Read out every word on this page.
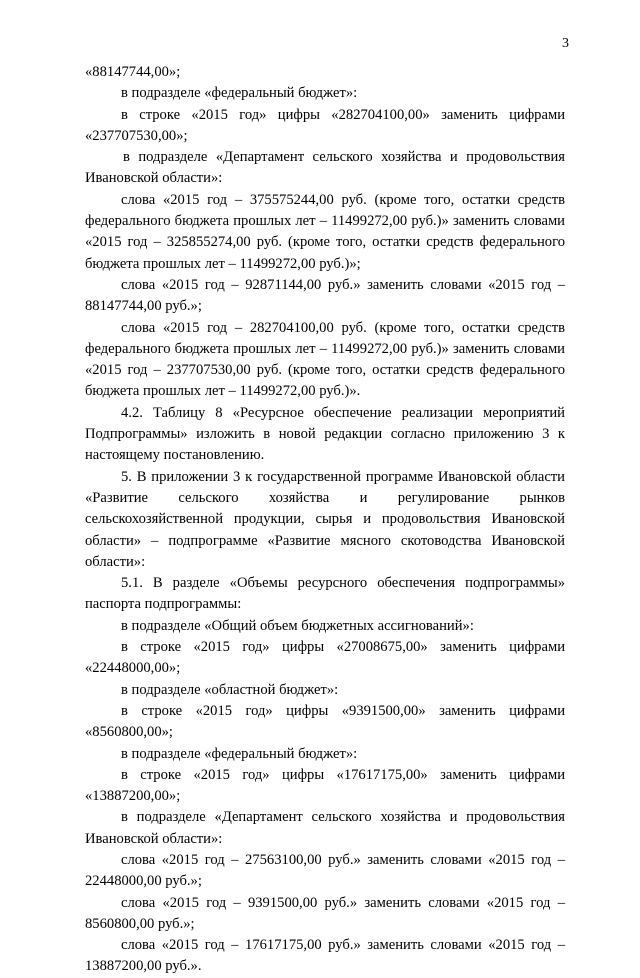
3

«88147744,00»;

в подразделе «федеральный бюджет»:

в строке «2015 год» цифры «282704100,00» заменить цифрами «237707530,00»;

в подразделе «Департамент сельского хозяйства и продовольствия Ивановской области»:

слова «2015 год – 375575244,00 руб. (кроме того, остатки средств федерального бюджета прошлых лет – 11499272,00 руб.)» заменить словами «2015 год – 325855274,00 руб. (кроме того, остатки средств федерального бюджета прошлых лет – 11499272,00 руб.)»;

слова «2015 год – 92871144,00 руб.» заменить словами «2015 год – 88147744,00 руб.»;

слова «2015 год – 282704100,00 руб. (кроме того, остатки средств федерального бюджета прошлых лет – 11499272,00 руб.)» заменить словами «2015 год – 237707530,00 руб. (кроме того, остатки средств федерального бюджета прошлых лет – 11499272,00 руб.)».

4.2. Таблицу 8 «Ресурсное обеспечение реализации мероприятий Подпрограммы» изложить в новой редакции согласно приложению 3 к настоящему постановлению.

5. В приложении 3 к государственной программе Ивановской области «Развитие сельского хозяйства и регулирование рынков сельскохозяйственной продукции, сырья и продовольствия Ивановской области» – подпрограмме «Развитие мясного скотоводства Ивановской области»:

5.1. В разделе «Объемы ресурсного обеспечения подпрограммы» паспорта подпрограммы:

в подразделе «Общий объем бюджетных ассигнований»:

в строке «2015 год» цифры «27008675,00» заменить цифрами «22448000,00»;

в подразделе «областной бюджет»:

в строке «2015 год» цифры «9391500,00» заменить цифрами «8560800,00»;

в подразделе «федеральный бюджет»:

в строке «2015 год» цифры «17617175,00» заменить цифрами «13887200,00»;

в подразделе «Департамент сельского хозяйства и продовольствия Ивановской области»:

слова «2015 год – 27563100,00 руб.» заменить словами «2015 год – 22448000,00 руб.»;

слова «2015 год – 9391500,00 руб.» заменить словами «2015 год – 8560800,00 руб.»;

слова «2015 год – 17617175,00 руб.» заменить словами «2015 год – 13887200,00 руб.».
